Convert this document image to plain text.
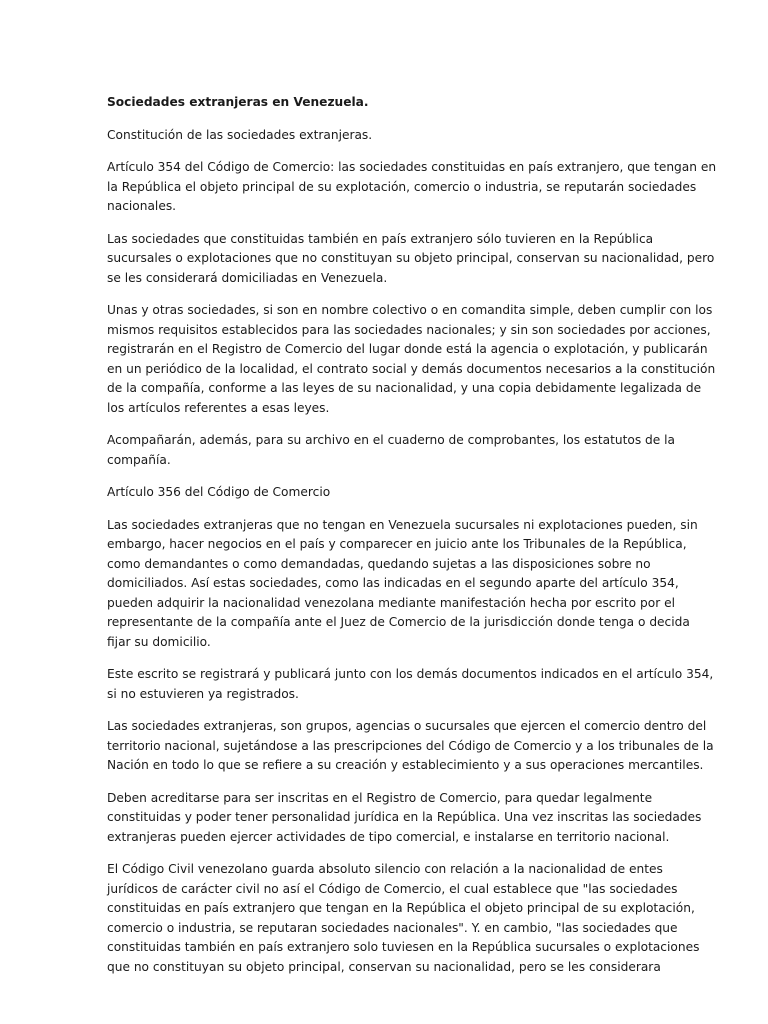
Sociedades extranjeras en Venezuela.

Constitución de las sociedades extranjeras.

Artículo 354 del Código de Comercio: las sociedades constituidas en país extranjero, que tengan en
la República el objeto principal de su explotación, comercio o industria, se reputarán sociedades
nacionales.

Las sociedades que constituidas también en país extranjero sólo tuvieren en la República
sucursales o explotaciones que no constituyan su objeto principal, conservan su nacionalidad, pero
se les considerará domiciliadas en Venezuela.

Unas y otras sociedades, si son en nombre colectivo o en comandita simple, deben cumplir con los
mismos requisitos establecidos para las sociedades nacionales; y sin son sociedades por acciones,
registrarán en el Registro de Comercio del lugar donde está la agencia o explotación, y publicarán
en un periódico de la localidad, el contrato social y demás documentos necesarios a la constitución
de la compañía, conforme a las leyes de su nacionalidad, y una copia debidamente legalizada de
los artículos referentes a esas leyes.

Acompañarán, además, para su archivo en el cuaderno de comprobantes, los estatutos de la
compañía.

Artículo 356 del Código de Comercio

Las sociedades extranjeras que no tengan en Venezuela sucursales ni explotaciones pueden, sin
embargo, hacer negocios en el país y comparecer en juicio ante los Tribunales de la República,
como demandantes o como demandadas, quedando sujetas a las disposiciones sobre no
domiciliados. Así estas sociedades, como las indicadas en el segundo aparte del artículo 354,
pueden adquirir la nacionalidad venezolana mediante manifestación hecha por escrito por el
representante de la compañía ante el Juez de Comercio de la jurisdicción donde tenga o decida
fijar su domicilio.

Este escrito se registrará y publicará junto con los demás documentos indicados en el artículo 354,
si no estuvieren ya registrados.

Las sociedades extranjeras, son grupos, agencias o sucursales que ejercen el comercio dentro del
territorio nacional, sujetándose a las prescripciones del Código de Comercio y a los tribunales de la
Nación en todo lo que se refiere a su creación y establecimiento y a sus operaciones mercantiles.

Deben acreditarse para ser inscritas en el Registro de Comercio, para quedar legalmente
constituidas y poder tener personalidad jurídica en la República. Una vez inscritas las sociedades
extranjeras pueden ejercer actividades de tipo comercial, e instalarse en territorio nacional.

El Código Civil venezolano guarda absoluto silencio con relación a la nacionalidad de entes
jurídicos de carácter civil no así el Código de Comercio, el cual establece que "las sociedades
constituidas en país extranjero que tengan en la República el objeto principal de su explotación,
comercio o industria, se reputaran sociedades nacionales". Y. en cambio, "las sociedades que
constituidas también en país extranjero solo tuviesen en la República sucursales o explotaciones
que no constituyan su objeto principal, conservan su nacionalidad, pero se les considerara
